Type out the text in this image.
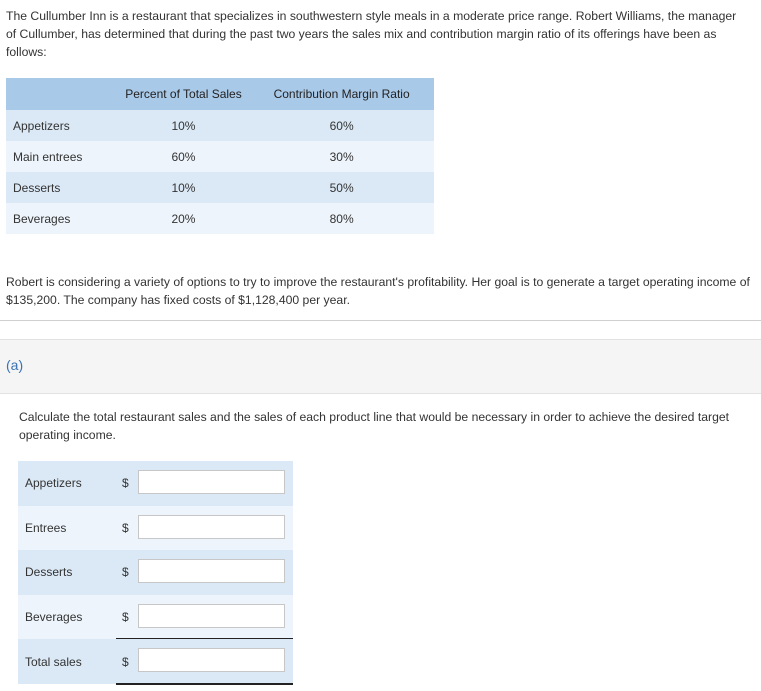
The Cullumber Inn is a restaurant that specializes in southwestern style meals in a moderate price range. Robert Williams, the manager of Cullumber, has determined that during the past two years the sales mix and contribution margin ratio of its offerings have been as follows:
	Percent of Total Sales	Contribution Margin Ratio
Appetizers	10%	60%
Main entrees	60%	30%
Desserts	10%	50%
Beverages	20%	80%
Robert is considering a variety of options to try to improve the restaurant's profitability. Her goal is to generate a target operating income of $135,200. The company has fixed costs of $1,128,400 per year.
(a)
Calculate the total restaurant sales and the sales of each product line that would be necessary in order to achieve the desired target operating income.
Appetizers	$
Entrees	$
Desserts	$
Beverages	$
Total sales	$
